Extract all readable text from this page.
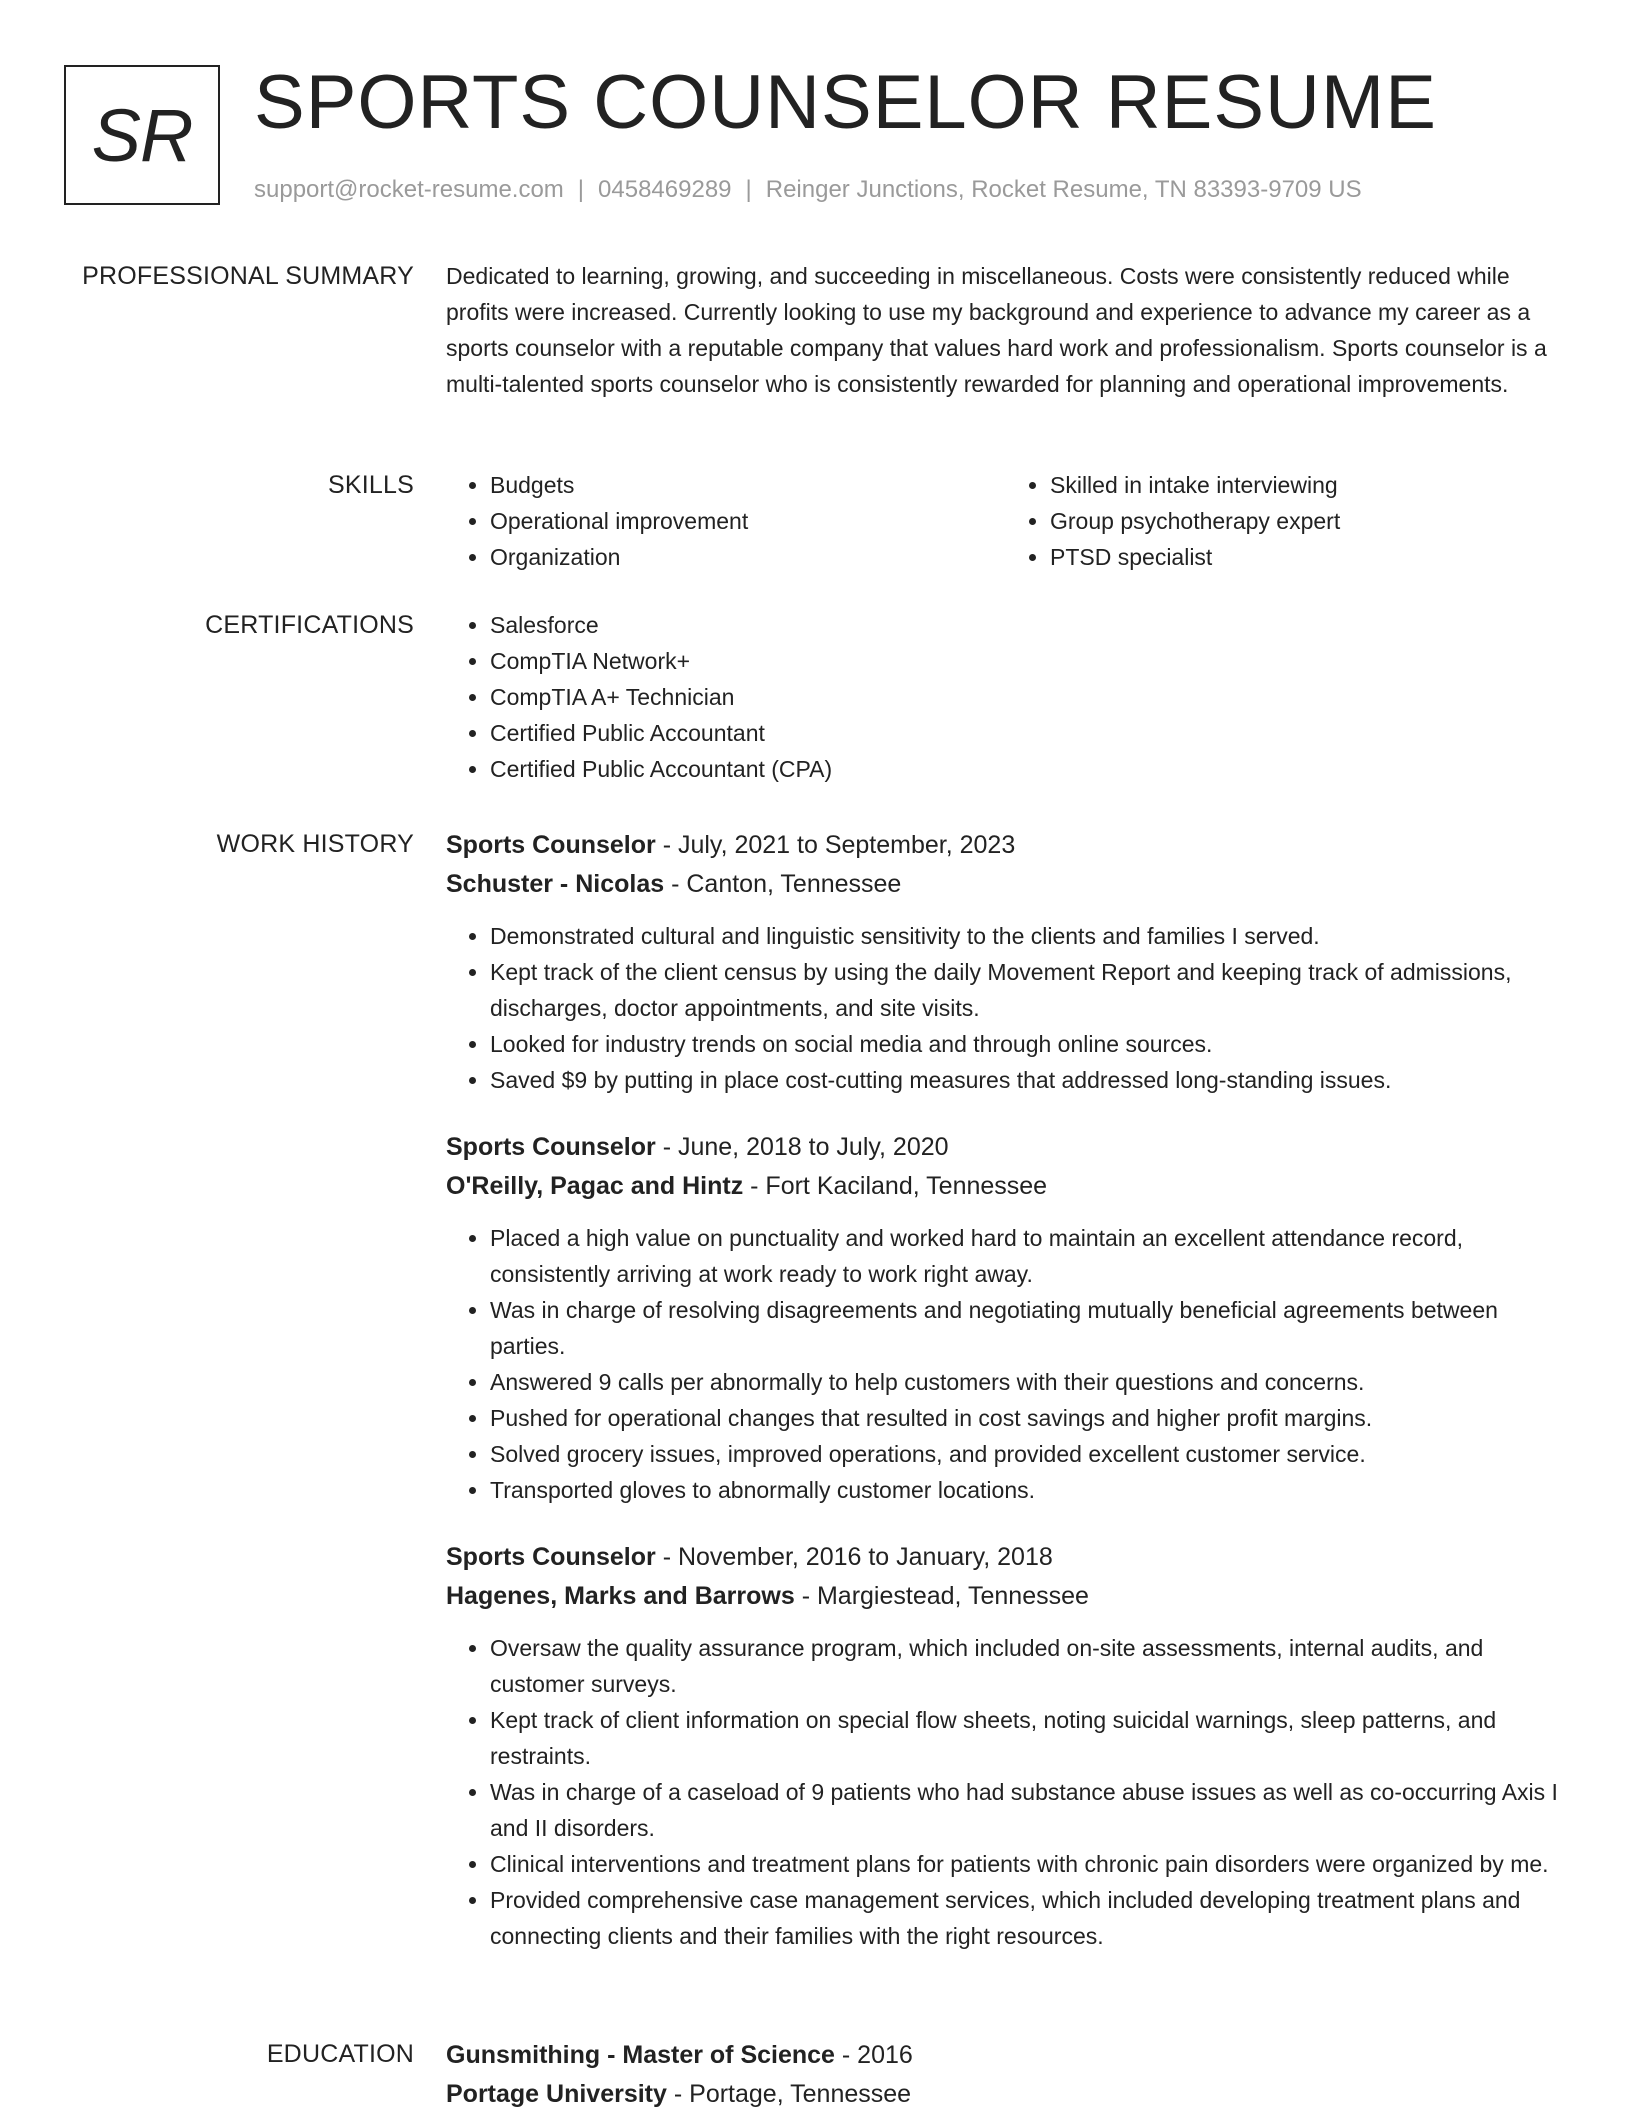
SR SPORTS COUNSELOR RESUME
support@rocket-resume.com | 0458469289 | Reinger Junctions, Rocket Resume, TN 83393-9709 US
PROFESSIONAL SUMMARY Dedicated to learning, growing, and succeeding in miscellaneous. Costs were consistently reduced while profits were increased. Currently looking to use my background and experience to advance my career as a sports counselor with a reputable company that values hard work and professionalism. Sports counselor is a multi-talented sports counselor who is consistently rewarded for planning and operational improvements.
SKILLS	• Budgets
• Operational improvement
• Organization
• Skilled in intake interviewing
• Group psychotherapy expert
• PTSD specialist
CERTIFICATIONS	• Salesforce
• CompTIA Network+
• CompTIA A+ Technician
• Certified Public Accountant
• Certified Public Accountant (CPA)
WORK HISTORY Sports Counselor - July, 2021 to September, 2023
Schuster - Nicolas - Canton, Tennessee
• Demonstrated cultural and linguistic sensitivity to the clients and families I served.
• Kept track of the client census by using the daily Movement Report and keeping track of admissions, discharges, doctor appointments, and site visits.
• Looked for industry trends on social media and through online sources.
• Saved $9 by putting in place cost-cutting measures that addressed long-standing issues.
Sports Counselor - June, 2018 to July, 2020
O'Reilly, Pagac and Hintz - Fort Kaciland, Tennessee
• Placed a high value on punctuality and worked hard to maintain an excellent attendance record, consistently arriving at work ready to work right away.
• Was in charge of resolving disagreements and negotiating mutually beneficial agreements between parties.
• Answered 9 calls per abnormally to help customers with their questions and concerns.
• Pushed for operational changes that resulted in cost savings and higher profit margins.
• Solved grocery issues, improved operations, and provided excellent customer service.
• Transported gloves to abnormally customer locations.
Sports Counselor - November, 2016 to January, 2018
Hagenes, Marks and Barrows - Margiestead, Tennessee
• Oversaw the quality assurance program, which included on-site assessments, internal audits, and customer surveys.
• Kept track of client information on special flow sheets, noting suicidal warnings, sleep patterns, and restraints.
• Was in charge of a caseload of 9 patients who had substance abuse issues as well as co-occurring Axis I and II disorders.
• Clinical interventions and treatment plans for patients with chronic pain disorders were organized by me.
• Provided comprehensive case management services, which included developing treatment plans and connecting clients and their families with the right resources.
EDUCATION Gunsmithing - Master of Science - 2016
Portage University - Portage, Tennessee
